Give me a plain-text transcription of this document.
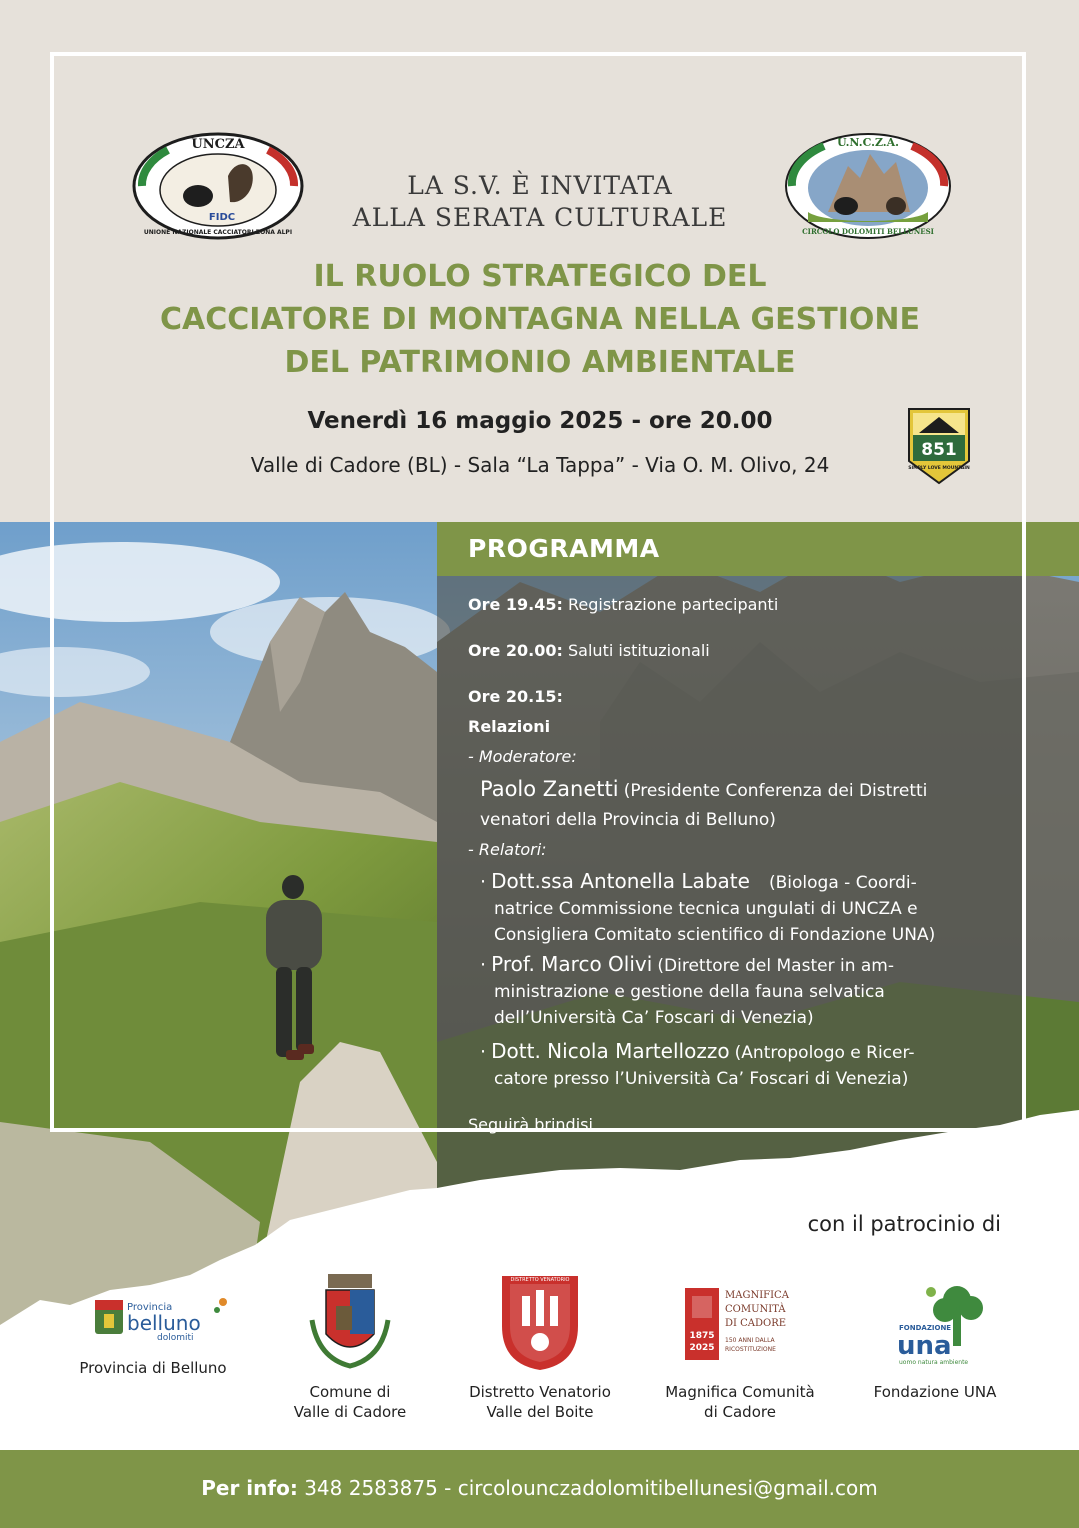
UNCZA
UNIONE NAZIONALE CACCIATORI ZONA ALPI
FIDC
U.N.C.Z.A.
CIRCOLO DOLOMITI BELLUNESI
LA S.V. È INVITATA
ALLA SERATA CULTURALE
IL RUOLO STRATEGICO DEL
CACCIATORE DI MONTAGNA NELLA GESTIONE
DEL PATRIMONIO AMBIENTALE
Venerdì 16 maggio 2025 - ore 20.00
Valle di Cadore (BL) - Sala “La Tappa” - Via O. M. Olivo, 24
851
SIMPLY LOVE MOUNTAIN
PROGRAMMA
Ore 19.45: Registrazione partecipanti
Ore 20.00: Saluti istituzionali
Ore 20.15:
Relazioni
- Moderatore:
Paolo Zanetti (Presidente Conferenza dei Distretti
venatori della Provincia di Belluno)
- Relatori:
· Dott.ssa Antonella Labate (Biologa - Coordi-
natrice Commissione tecnica ungulati di UNCZA e
Consigliera Comitato scientifico di Fondazione UNA)
· Prof. Marco Olivi (Direttore del Master in am-
ministrazione e gestione della fauna selvatica
dell’Università Ca’ Foscari di Venezia)
· Dott. Nicola Martellozzo (Antropologo e Ricer-
catore presso l’Università Ca’ Foscari di Venezia)
Seguirà brindisi
con il patrocinio di
Provincia
belluno
dolomiti
Provincia di Belluno
Comune di
Valle di Cadore
DISTRETTO VENATORIO
Distretto Venatorio
Valle del Boite
1875
2025
MAGNIFICA
COMUNITÀ
DI CADORE
150 ANNI DALLA
RICOSTITUZIONE
Magnifica Comunità
di Cadore
FONDAZIONE
una
uomo natura ambiente
Fondazione UNA
Per info: 348 2583875 - circolounczadolomitibellunesi@gmail.com
